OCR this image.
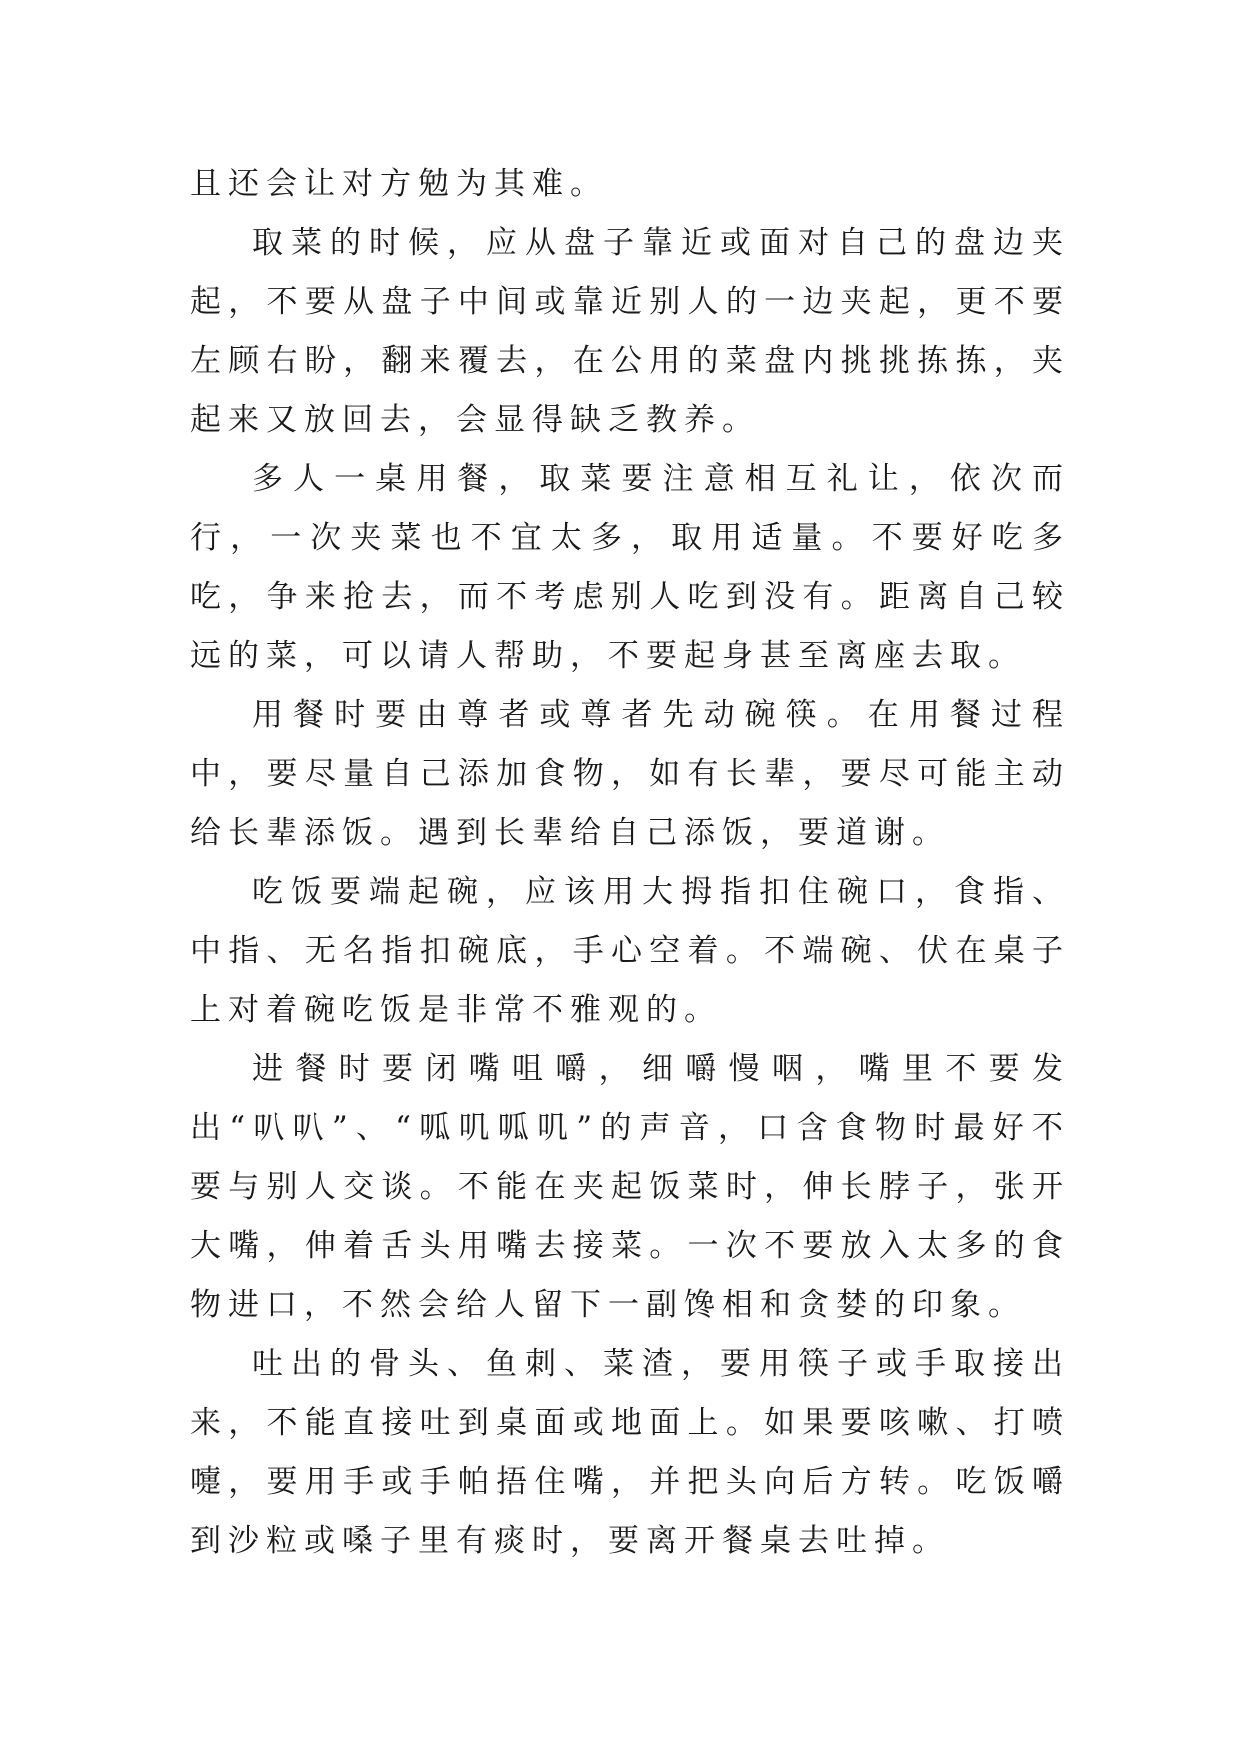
且还会让对方勉为其难。

取菜的时候，应从盘子靠近或面对自己的盘边夹起，不要从盘子中间或靠近别人的一边夹起，更不要左顾右盼，翻来覆去，在公用的菜盘内挑挑拣拣，夹起来又放回去，会显得缺乏教养。

多人一桌用餐，取菜要注意相互礼让，依次而行，一次夹菜也不宜太多，取用适量。不要好吃多吃，争来抢去，而不考虑别人吃到没有。距离自己较远的菜，可以请人帮助，不要起身甚至离座去取。

用餐时要由尊者或尊者先动碗筷。在用餐过程中，要尽量自己添加食物，如有长辈，要尽可能主动给长辈添饭。遇到长辈给自己添饭，要道谢。

吃饭要端起碗，应该用大拇指扣住碗口，食指、中指、无名指扣碗底，手心空着。不端碗、伏在桌子上对着碗吃饭是非常不雅观的。

进餐时要闭嘴咀嚼，细嚼慢咽，嘴里不要发出“叭叭”、“呱叽呱叽”的声音，口含食物时最好不要与别人交谈。不能在夹起饭菜时，伸长脖子，张开大嘴，伸着舌头用嘴去接菜。一次不要放入太多的食物进口，不然会给人留下一副馋相和贪婪的印象。

吐出的骨头、鱼刺、菜渣，要用筷子或手取接出来，不能直接吐到桌面或地面上。如果要咳嗽、打喷嚏，要用手或手帕捂住嘴，并把头向后方转。吃饭嚼到沙粒或嗓子里有痰时，要离开餐桌去吐掉。
